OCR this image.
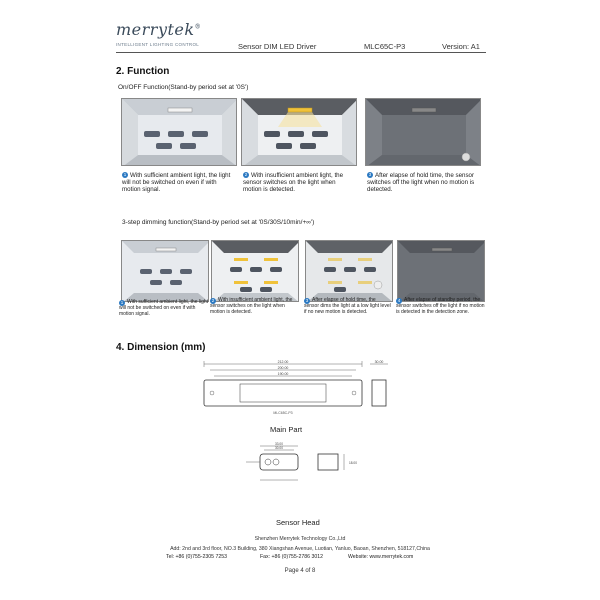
merrytek®
INTELLIGENT LIGHTING CONTROL	Sensor DIM LED Driver	MLC65C-P3	Version: A1
2. Function
On/OFF Function(Stand-by period set at '0S')
1 With sufficient ambient light, the light will not be switched on even if with motion signal.
2 With insufficient ambient light, the sensor switches on the light when motion is detected.
3 After elapse of hold time, the sensor switches off the light when no motion is detected.
3-step dimming function(Stand-by period set at '0S/30S/10min/+∞')
1 With sufficient ambient light, the light will not be switched on even if with motion signal.
2 With insufficient ambient light, the sensor switches on the light when motion is detected.
3 After elapse of hold time, the sensor dims the light at a low light level if no new motion is detected.
4 After elapse of standby period, the sensor switches off the light if no motion is detected in the detection zone.
4. Dimension (mm)
212.00
200.00
190.00
30.00
MLC65C-P3
Main Part
33.00
30.00
18.00
Sensor Head
Shenzhen Merrytek Technology Co.,Ltd
Add: 2nd and 3rd floor, NO.3 Building, 380 Xiangshan Avenue, Luotian, Yanluo, Baoan, Shenzhen, 518127,China
Tel: +86 (0)755-2305 7253	Fax: +86 (0)755-2786 3012	Website: www.merrytek.com
Page 4 of 8
